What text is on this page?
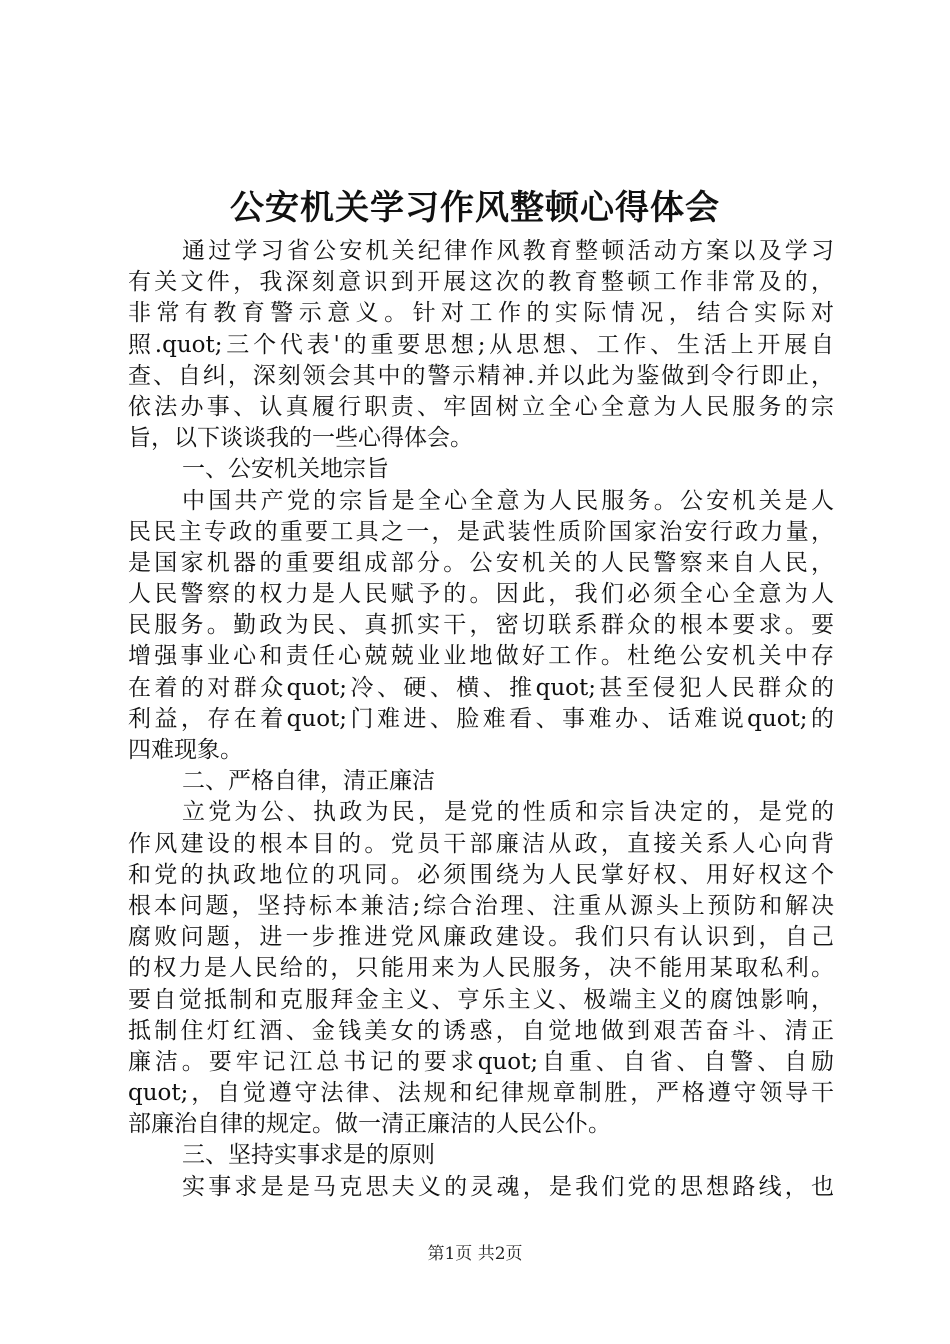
公安机关学习作风整顿心得体会
通过学习省公安机关纪律作风教育整顿活动方案以及学习
有关文件，我深刻意识到开展这次的教育整顿工作非常及的，
非常有教育警示意义。针对工作的实际情况，结合实际对
照.quot;三个代表'的重要思想;从思想、工作、生活上开展自
查、自纠，深刻领会其中的警示精神.并以此为鉴做到令行即止，
依法办事、认真履行职责、牢固树立全心全意为人民服务的宗
旨，以下谈谈我的一些心得体会。
一、公安机关地宗旨
中国共产党的宗旨是全心全意为人民服务。公安机关是人
民民主专政的重要工具之一，是武装性质阶国家治安行政力量，
是国家机器的重要组成部分。公安机关的人民警察来自人民，
人民警察的权力是人民赋予的。因此，我们必须全心全意为人
民服务。勤政为民、真抓实干，密切联系群众的根本要求。要
增强事业心和责任心兢兢业业地做好工作。杜绝公安机关中存
在着的对群众quot;冷、硬、横、推quot;甚至侵犯人民群众的
利益，存在着quot;门难进、脸难看、事难办、话难说quot;的
四难现象。
二、严格自律，清正廉洁
立党为公、执政为民，是党的性质和宗旨决定的，是党的
作风建设的根本目的。党员干部廉洁从政，直接关系人心向背
和党的执政地位的巩同。必须围绕为人民掌好权、用好权这个
根本问题，坚持标本兼洁;综合治理、注重从源头上预防和解决
腐败问题，进一步推进党风廉政建设。我们只有认识到，自己
的权力是人民给的，只能用来为人民服务，决不能用某取私利。
要自觉抵制和克服拜金主义、亨乐主义、极端主义的腐蚀影响，
抵制住灯红酒、金钱美女的诱惑，自觉地做到艰苦奋斗、清正
廉洁。要牢记江总书记的要求quot;自重、自省、自警、自励
quot;，自觉遵守法律、法规和纪律规章制胜，严格遵守领导干
部廉治自律的规定。做一清正廉洁的人民公仆。
三、坚持实事求是的原则
实事求是是马克思夫义的灵魂，是我们党的思想路线，也
第1页 共2页
